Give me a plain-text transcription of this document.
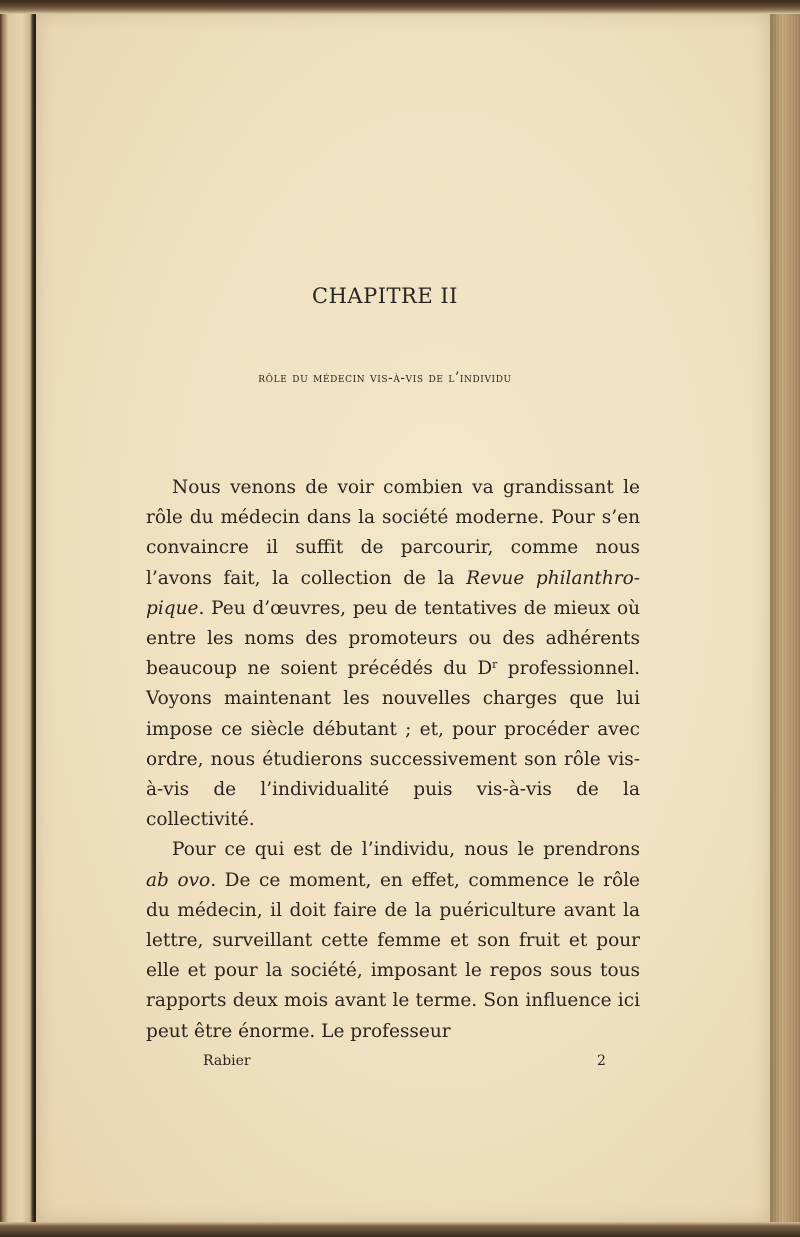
CHAPITRE II
rôle du médecin vis-à-vis de l’individu

Nous venons de voir combien va grandissant le rôle du médecin dans la société moderne. Pour s’en convaincre il suffit de parcourir, comme nous l’avons fait, la collection de la Revue philanthropique. Peu d’œuvres, peu de tentatives de mieux où entre les noms des promoteurs ou des adhérents beaucoup ne soient précédés du $D^r$ professionnel. Voyons maintenant les nouvelles charges que lui impose ce siècle débutant ; et, pour procéder avec ordre, nous étudierons successivement son rôle vis-à-vis de l’individualité puis vis-à-vis de la collectivité.

Pour ce qui est de l’individu, nous le prendrons ab ovo. De ce moment, en effet, commence le rôle du médecin, il doit faire de la puériculture avant la lettre, surveillant cette femme et son fruit et pour elle et pour la société, imposant le repos sous tous rapports deux mois avant le terme. Son influence ici peut être énorme. Le professeur

Rabier	2
